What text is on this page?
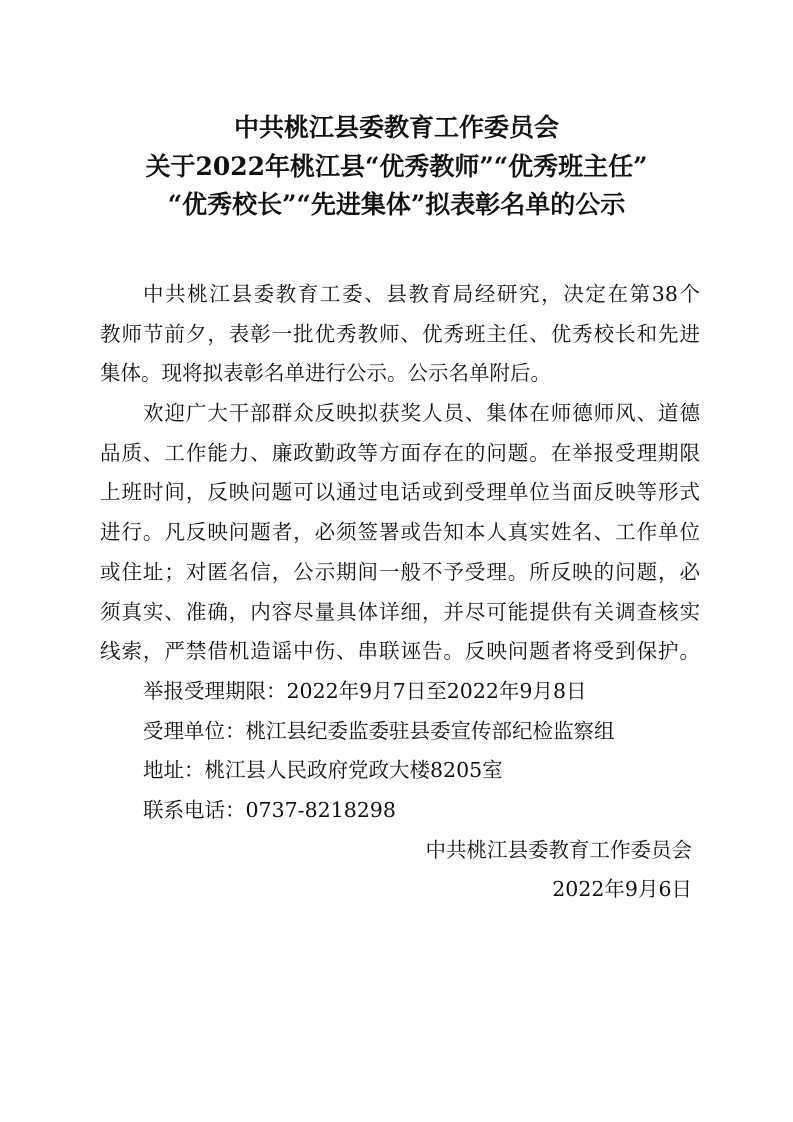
中共桃江县委教育工作委员会
关于2022年桃江县“优秀教师”“优秀班主任”
“优秀校长”“先进集体”拟表彰名单的公示
中共桃江县委教育工委、县教育局经研究，决定在第38个
教师节前夕，表彰一批优秀教师、优秀班主任、优秀校长和先进
集体。现将拟表彰名单进行公示。公示名单附后。
欢迎广大干部群众反映拟获奖人员、集体在师德师风、道德
品质、工作能力、廉政勤政等方面存在的问题。在举报受理期限
上班时间，反映问题可以通过电话或到受理单位当面反映等形式
进行。凡反映问题者，必须签署或告知本人真实姓名、工作单位
或住址；对匿名信，公示期间一般不予受理。所反映的问题，必
须真实、准确，内容尽量具体详细，并尽可能提供有关调查核实
线索，严禁借机造谣中伤、串联诬告。反映问题者将受到保护。
举报受理期限：2022年9月7日至2022年9月8日
受理单位：桃江县纪委监委驻县委宣传部纪检监察组
地址：桃江县人民政府党政大楼8205室
联系电话：0737-8218298
中共桃江县委教育工作委员会
2022年9月6日
